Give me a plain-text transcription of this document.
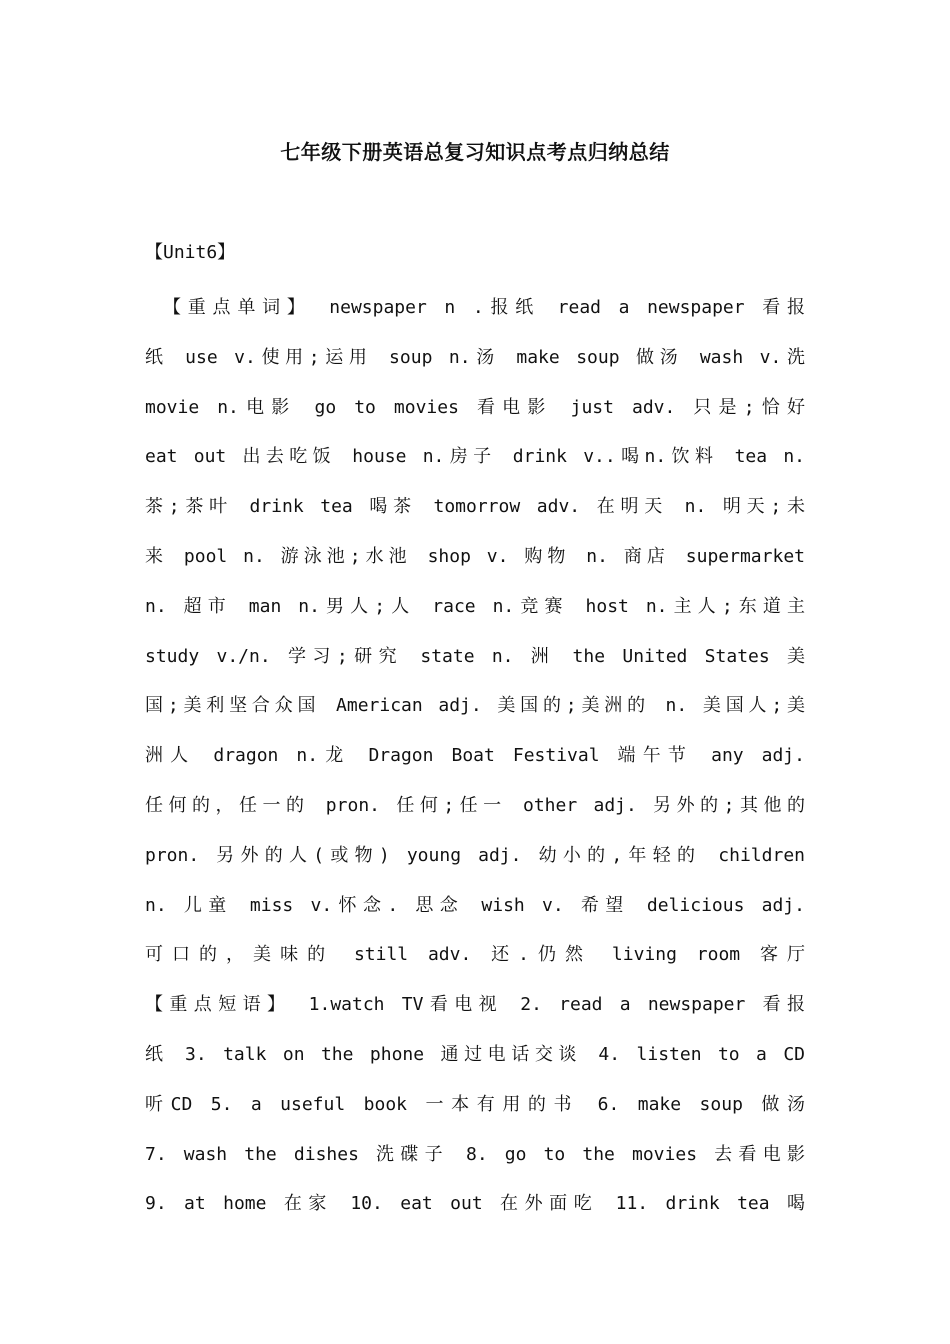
七年级下册英语总复习知识点考点归纳总结
【Unit6】
【重点单词】 newspaper n .报纸 read a newspaper 看报
纸 use v.使用;运用 soup n.汤 make soup 做汤 wash v.洗
movie n.电影 go to movies 看电影 just adv. 只是;恰好
eat out 出去吃饭 house n.房子 drink v..喝n.饮料 tea n.
茶;茶叶 drink tea 喝茶 tomorrow adv. 在明天 n. 明天;未
来 pool n. 游泳池;水池 shop v. 购物 n. 商店 supermarket
n. 超市 man n.男人;人 race n.竞赛 host n.主人;东道主
study v./n. 学习;研究 state n. 洲 the United States 美
国;美利坚合众国 American adj. 美国的;美洲的 n. 美国人;美
洲人 dragon n.龙 Dragon Boat Festival 端午节 any adj.
任何的，任一的 pron. 任何;任一 other adj. 另外的;其他的
pron. 另外的人(或物) young adj. 幼小的,年轻的 children
n. 儿童 miss v.怀念. 思念 wish v. 希望 delicious adj.
可口的，美味的 still adv. 还.仍然 living room 客厅
【重点短语】 1.watch TV看电视 2. read a newspaper 看报
纸 3. talk on the phone 通过电话交谈 4. listen to a CD
听CD 5. a useful book 一本有用的书 6. make soup 做汤
7. wash the dishes 洗碟子 8. go to the movies 去看电影
9. at home 在家 10. eat out 在外面吃 11. drink tea 喝
